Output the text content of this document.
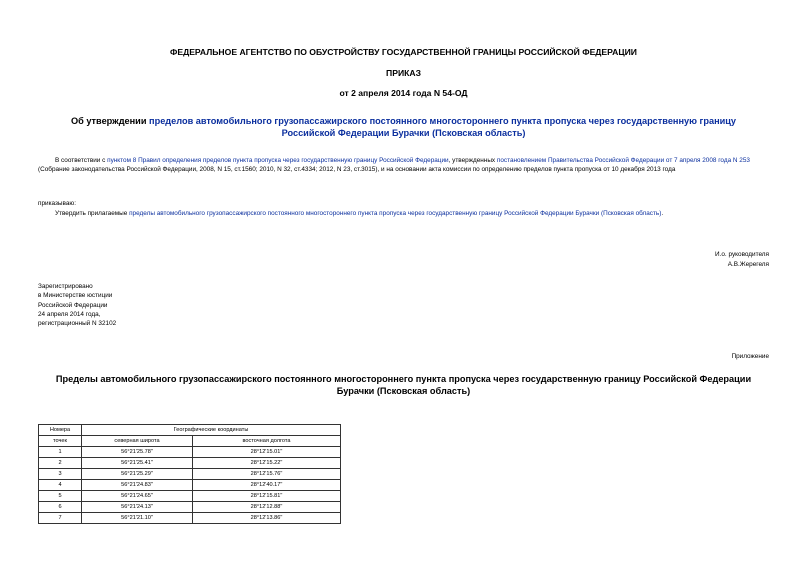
ФЕДЕРАЛЬНОЕ АГЕНТСТВО ПО ОБУСТРОЙСТВУ ГОСУДАРСТВЕННОЙ ГРАНИЦЫ РОССИЙСКОЙ ФЕДЕРАЦИИ
ПРИКАЗ
от 2 апреля 2014 года N 54-ОД
Об утверждении пределов автомобильного грузопассажирского постоянного многостороннего пункта пропуска через государственную границу Российской Федерации Бурачки (Псковская область)
В соответствии с пунктом 8 Правил определения пределов пункта пропуска через государственную границу Российской Федерации, утвержденных постановлением Правительства Российской Федерации от 7 апреля 2008 года N 253 (Собрание законодательства Российской Федерации, 2008, N 15, ст.1560; 2010, N 32, ст.4334; 2012, N 23, ст.3015), и на основании акта комиссии по определению пределов пункта пропуска от 10 декабря 2013 года
приказываю:
Утвердить прилагаемые пределы автомобильного грузопассажирского постоянного многостороннего пункта пропуска через государственную границу Российской Федерации Бурачки (Псковская область).
И.о. руководителя
А.В.Жерегеля
Зарегистрировано
в Министерстве юстиции
Российской Федерации
24 апреля 2014 года,
регистрационный N 32102
Приложение
Пределы автомобильного грузопассажирского постоянного многостороннего пункта пропуска через государственную границу Российской Федерации Бурачки (Псковская область)
Номера	Географические координаты	
точек	северная широта	восточная долгота
1	56°21'25.78"	28°12'15.01"
2	56°21'25.41"	28°12'15.22"
3	56°21'25.29"	28°12'15.76"
4	56°21'24.83"	28°12'40.17"
5	56°21'24.65"	28°12'15.81"
6	56°21'24.13"	28°12'12.88"
7	56°21'21.10"	28°12'13.86"
